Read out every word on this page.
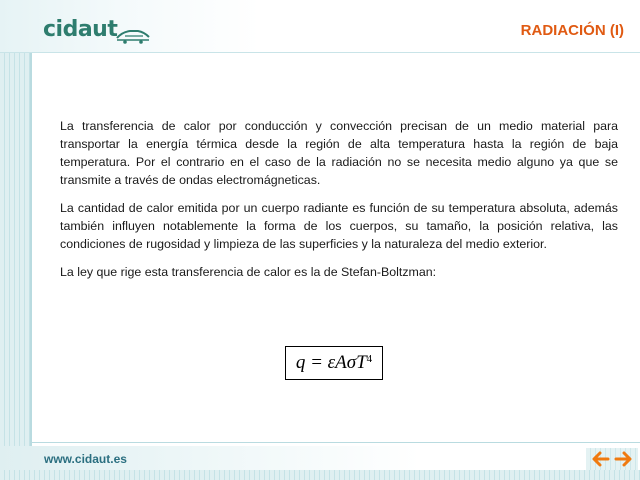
cidaut	RADIACIÓN (I)

La transferencia de calor por conducción y convección precisan de un medio material para transportar la energía térmica desde la región de alta temperatura hasta la región de baja temperatura. Por el contrario en el caso de la radiación no se necesita medio alguno ya que se transmite a través de ondas electromágneticas.

La cantidad de calor emitida por un cuerpo radiante es función de su temperatura absoluta, además también influyen notablemente la forma de los cuerpos, su tamaño, la posición relativa, las condiciones de rugosidad y limpieza de las superficies y la naturaleza del medio exterior.

La ley que rige esta transferencia de calor es la de Stefan-Boltzman:

q = εAσT$^4$
www.cidaut.es
